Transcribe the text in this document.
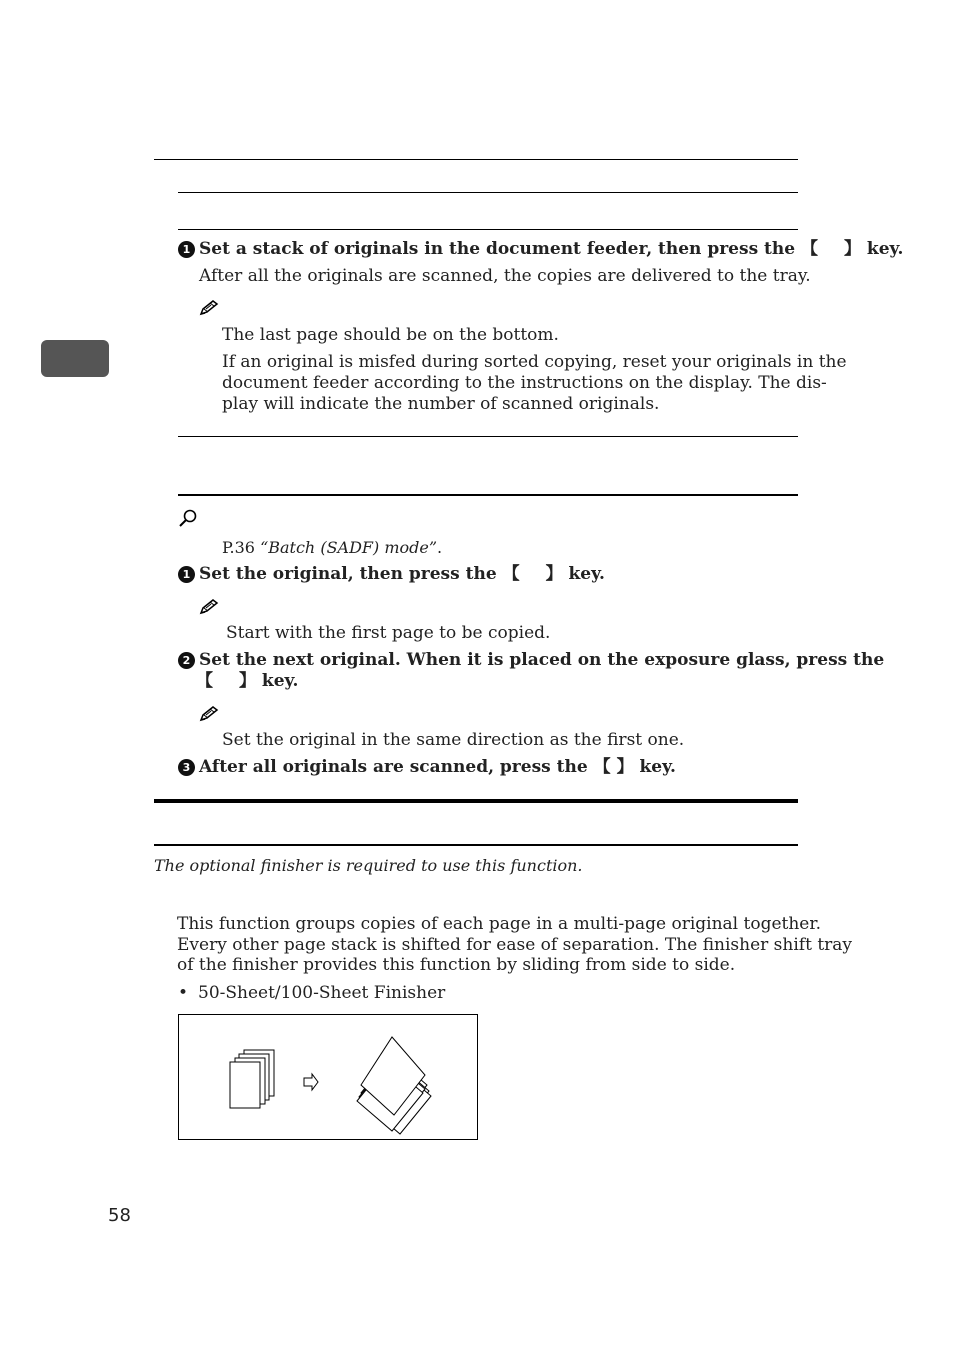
1 Set a stack of originals in the document feeder, then press the 【 】 key.
After all the originals are scanned, the copies are delivered to the tray.
The last page should be on the bottom.
If an original is misfed during sorted copying, reset your originals in the
document feeder according to the instructions on the display. The dis-
play will indicate the number of scanned originals.
P.36 “Batch (SADF) mode”.
1 Set the original, then press the 【 】 key.
Start with the first page to be copied.
2 Set the next original. When it is placed on the exposure glass, press the
【 】 key.
Set the original in the same direction as the first one.
3 After all originals are scanned, press the 【 】 key.
The optional finisher is required to use this function.
This function groups copies of each page in a multi-page original together.
Every other page stack is shifted for ease of separation. The finisher shift tray
of the finisher provides this function by sliding from side to side.
• 50-Sheet/100-Sheet Finisher
58
